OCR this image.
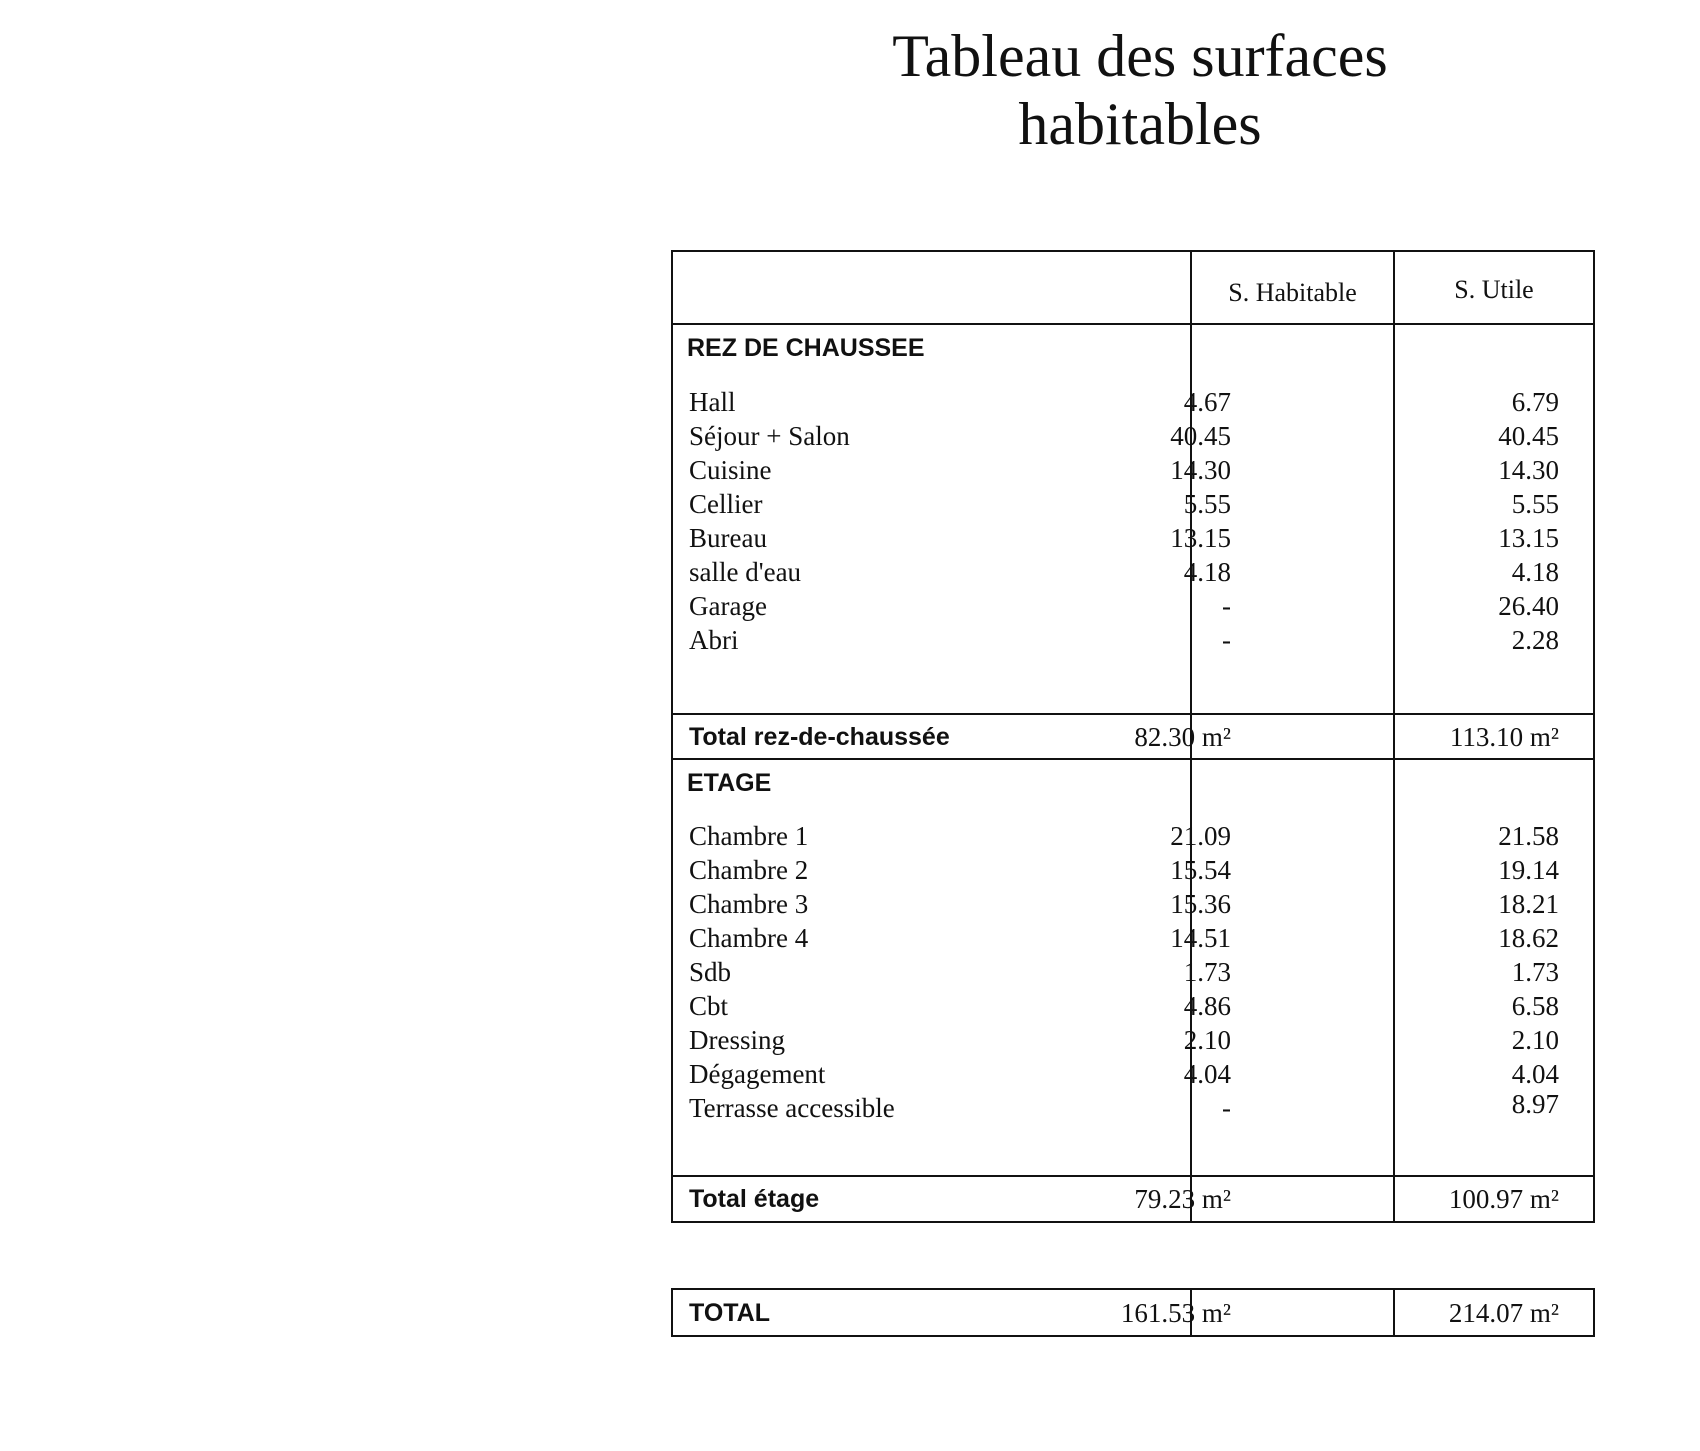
Tableau des surfaces
habitables
S. Habitable	S. Utile
REZ DE CHAUSSEE
Hall	4.67	6.79
Séjour + Salon	40.45	40.45
Cuisine	14.30	14.30
Cellier	5.55	5.55
Bureau	13.15	13.15
salle d'eau	4.18	4.18
Garage	-	26.40
Abri	-	2.28
Total rez-de-chaussée	82.30 m²	113.10 m²
ETAGE
Chambre 1	21.09	21.58
Chambre 2	15.54	19.14
Chambre 3	15.36	18.21
Chambre 4	14.51	18.62
Sdb	1.73	1.73
Cbt	4.86	6.58
Dressing	2.10	2.10
Dégagement	4.04	4.04
Terrasse accessible	-	8.97
Total étage	79.23 m²	100.97 m²
TOTAL	161.53 m²	214.07 m²
